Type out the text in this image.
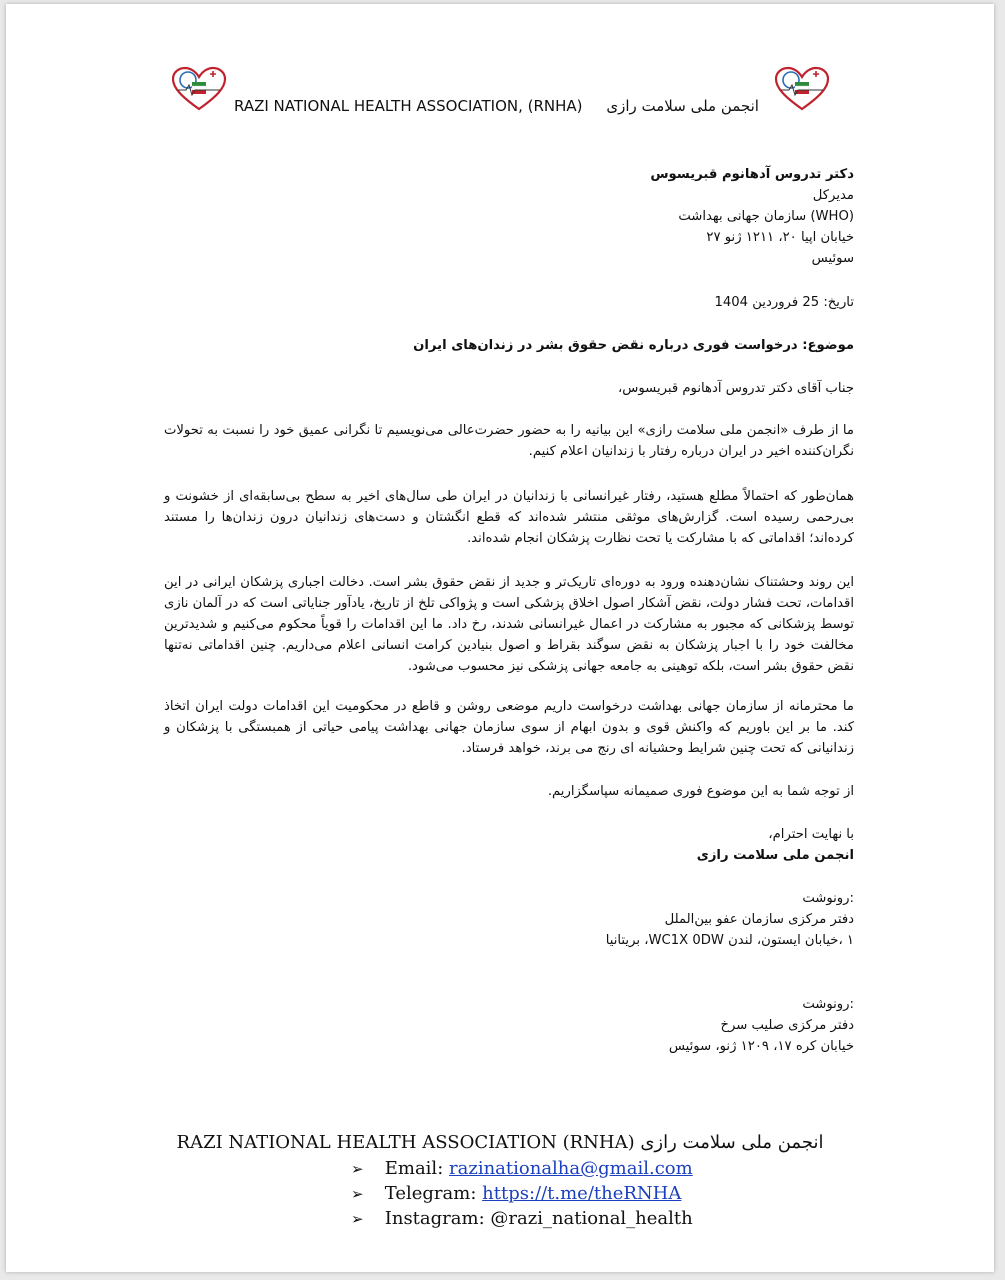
RAZI NATIONAL HEALTH ASSOCIATION, (RNHA) انجمن ملی سلامت رازی
دکتر تدروس آدهانوم قبریسوس
مدیرکل
(WHO) سازمان جهانی بهداشت
خیابان اپیا ۲۰، ۱۲۱۱ ژنو ۲۷
سوئیس
تاریخ: 25 فروردین 1404
موضوع: درخواست فوری درباره نقض حقوق بشر در زندان‌های ایران
جناب آقای دکتر تدروس آدهانوم قبریسوس،
ما از طرف «انجمن ملی سلامت رازی» این بیانیه را به حضور حضرت‌عالی می‌نویسیم تا نگرانی عمیق خود را نسبت به تحولات نگران‌کننده اخیر در ایران درباره رفتار با زندانیان اعلام کنیم.
همان‌طور که احتمالاً مطلع هستید، رفتار غیرانسانی با زندانیان در ایران طی سال‌های اخیر به سطح بی‌سابقه‌ای از خشونت و بی‌رحمی رسیده است. گزارش‌های موثقی منتشر شده‌اند که قطع انگشتان و دست‌های زندانیان درون زندان‌ها را مستند کرده‌اند؛ اقداماتی که با مشارکت یا تحت نظارت پزشکان انجام شده‌اند.
این روند وحشتناک نشان‌دهنده ورود به دوره‌ای تاریک‌تر و جدید از نقض حقوق بشر است. دخالت اجباری پزشکان ایرانی در این اقدامات، تحت فشار دولت، نقض آشکار اصول اخلاق پزشکی است و پژواکی تلخ از تاریخ، یادآور جنایاتی است که در آلمان نازی توسط پزشکانی که مجبور به مشارکت در اعمال غیرانسانی شدند، رخ داد. ما این اقدامات را قویاً محکوم می‌کنیم و شدیدترین مخالفت خود را با اجبار پزشکان به نقض سوگند بقراط و اصول بنیادین کرامت انسانی اعلام می‌داریم. چنین اقداماتی نه‌تنها نقض حقوق بشر است، بلکه توهینی به جامعه جهانی پزشکی نیز محسوب می‌شود.
ما محترمانه از سازمان جهانی بهداشت درخواست داریم موضعی روشن و قاطع در محکومیت این اقدامات دولت ایران اتخاذ کند. ما بر این باوریم که واکنش قوی و بدون ابهام از سوی سازمان جهانی بهداشت پیامی حیاتی از همبستگی با پزشکان و زندانیانی که تحت چنین شرایط وحشیانه ای رنج می برند، خواهد فرستاد.
از توجه شما به این موضوع فوری صمیمانه سپاسگزاریم.
با نهایت احترام،
انجمن ملی سلامت رازی
:رونوشت
دفتر مرکزی سازمان عفو بین‌الملل
۱ ،خیابان ایستون، لندن WC1X 0DW، بریتانیا
:رونوشت
دفتر مرکزی صلیب سرخ
خیابان کره ۱۷، ۱۲۰۹ ژنو، سوئیس
RAZI NATIONAL HEALTH ASSOCIATION (RNHA) انجمن ملی سلامت رازی
➢ Email: razinationalha@gmail.com
➢ Telegram: https://t.me/theRNHA
➢ Instagram: @razi_national_health
